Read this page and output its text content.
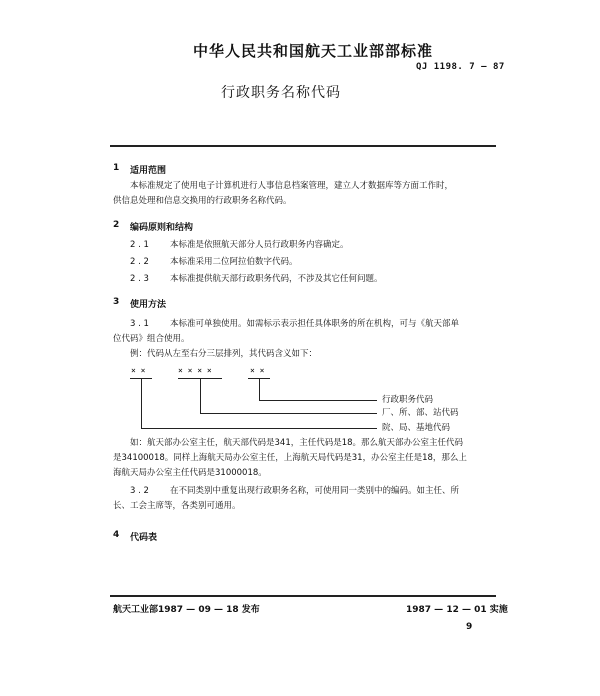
中华人民共和国航天工业部部标准
QJ 1198. 7 — 87
行政职务名称代码
1 适用范围
本标准规定了使用电子计算机进行人事信息档案管理，建立人才数据库等方面工作时，
供信息处理和信息交换用的行政职务名称代码。
2 编码原则和结构
2 . 1 本标准是依照航天部分人员行政职务内容确定。
2 . 2 本标准采用二位阿拉伯数字代码。
2 . 3 本标准提供航天部行政职务代码，不涉及其它任何问题。
3 使用方法
3 . 1 本标准可单独使用。如需标示表示担任具体职务的所在机构，可与《航天部单
位代码》组合使用。
例：代码从左至右分三层排列，其代码含义如下：
× ×	× × × ×	× ×
行政职务代码
厂、所、部、站代码
院、局、基地代码
如：航天部办公室主任，航天部代码是341，主任代码是18。那么航天部办公室主任代码
是34100018。同样上海航天局办公室主任，上海航天局代码是31，办公室主任是18，那么上
海航天局办公室主任代码是31000018。
3 . 2 在不同类别中重复出现行政职务名称，可使用同一类别中的编码。如主任、所
长、工会主席等，各类别可通用。
4 代码表
航天工业部1987 — 09 — 18 发布	1987 — 12 — 01 实施
9
